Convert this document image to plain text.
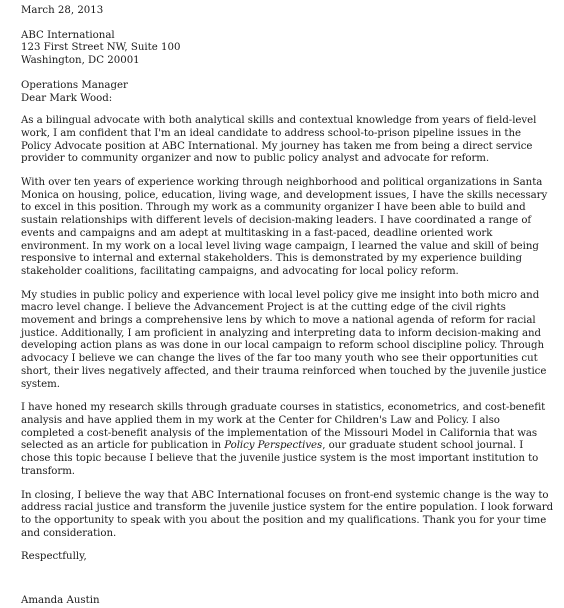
March 28, 2013
ABC International
123 First Street NW, Suite 100
Washington, DC 20001
Operations Manager
Dear Mark Wood:

As a bilingual advocate with both analytical skills and contextual knowledge from years of field-level work, I am confident that I'm an ideal candidate to address school-to-prison pipeline issues in the Policy Advocate position at ABC International. My journey has taken me from being a direct service provider to community organizer and now to public policy analyst and advocate for reform.

With over ten years of experience working through neighborhood and political organizations in Santa Monica on housing, police, education, living wage, and development issues, I have the skills necessary to excel in this position. Through my work as a community organizer I have been able to build and sustain relationships with different levels of decision-making leaders. I have coordinated a range of events and campaigns and am adept at multitasking in a fast-paced, deadline oriented work environment. In my work on a local level living wage campaign, I learned the value and skill of being responsive to internal and external stakeholders. This is demonstrated by my experience building stakeholder coalitions, facilitating campaigns, and advocating for local policy reform.

My studies in public policy and experience with local level policy give me insight into both micro and macro level change. I believe the Advancement Project is at the cutting edge of the civil rights movement and brings a comprehensive lens by which to move a national agenda of reform for racial justice. Additionally, I am proficient in analyzing and interpreting data to inform decision-making and developing action plans as was done in our local campaign to reform school discipline policy. Through advocacy I believe we can change the lives of the far too many youth who see their opportunities cut short, their lives negatively affected, and their trauma reinforced when touched by the juvenile justice system.

I have honed my research skills through graduate courses in statistics, econometrics, and cost-benefit analysis and have applied them in my work at the Center for Children's Law and Policy. I also completed a cost-benefit analysis of the implementation of the Missouri Model in California that was selected as an article for publication in Policy Perspectives, our graduate student school journal. I chose this topic because I believe that the juvenile justice system is the most important institution to transform.

In closing, I believe the way that ABC International focuses on front-end systemic change is the way to address racial justice and transform the juvenile justice system for the entire population. I look forward to the opportunity to speak with you about the position and my qualifications. Thank you for your time and consideration.

Respectfully,
Amanda Austin
